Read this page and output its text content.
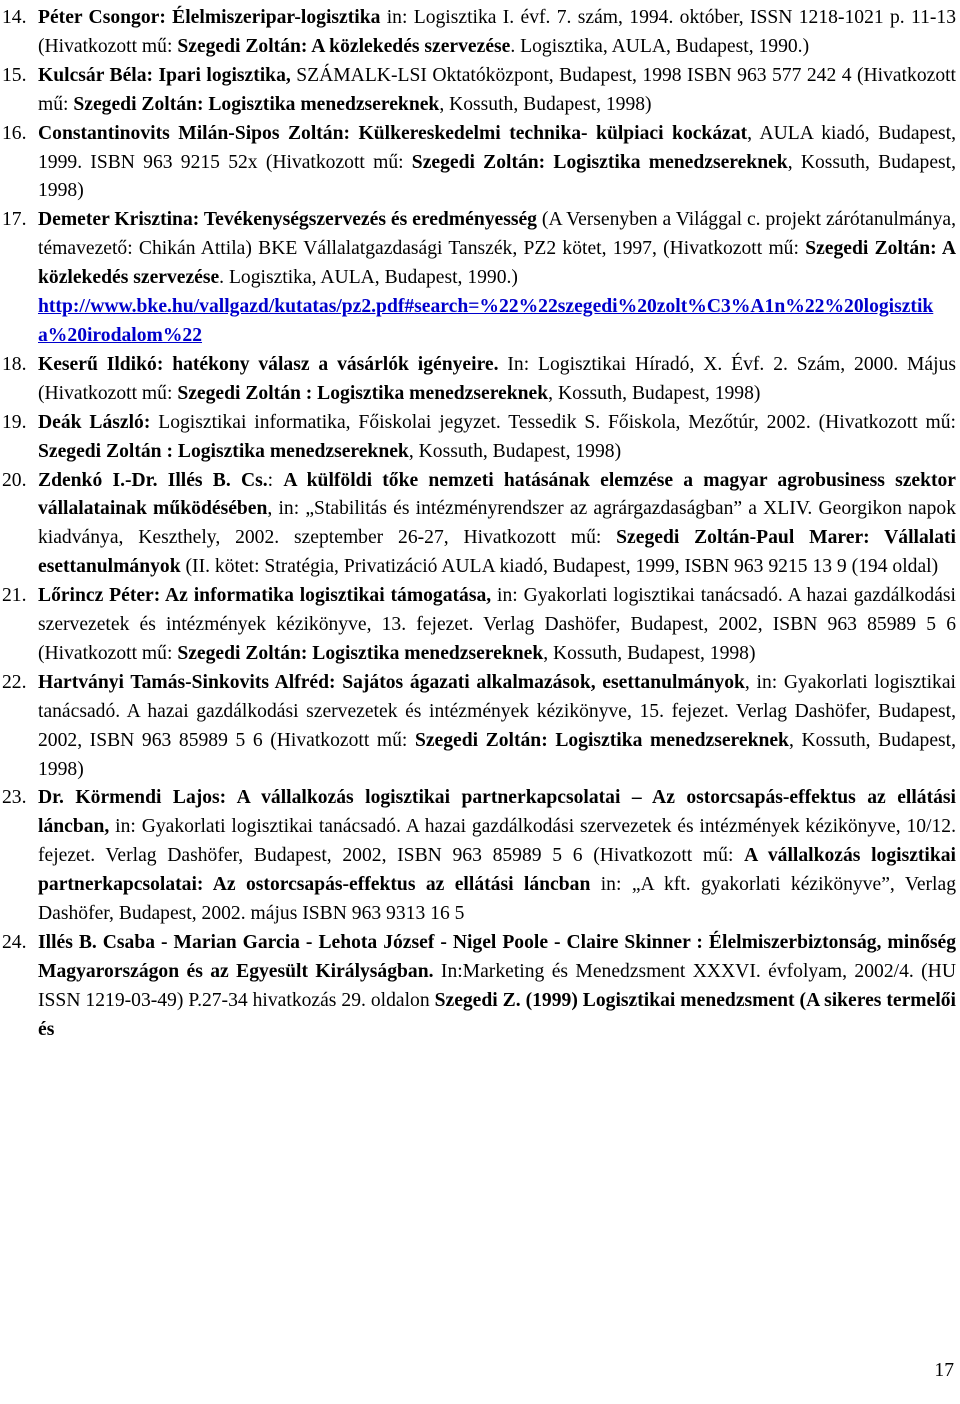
14. Péter Csongor: Élelmiszeripar-logisztika in: Logisztika I. évf. 7. szám, 1994. október, ISSN 1218-1021 p. 11-13 (Hivatkozott mű: Szegedi Zoltán: A közlekedés szervezése. Logisztika, AULA, Budapest, 1990.)
15. Kulcsár Béla: Ipari logisztika, SZÁMALK-LSI Oktatóközpont, Budapest, 1998 ISBN 963 577 242 4 (Hivatkozott mű: Szegedi Zoltán: Logisztika menedzsereknek, Kossuth, Budapest, 1998)
16. Constantinovits Milán-Sipos Zoltán: Külkereskedelmi technika- külpiaci kockázat, AULA kiadó, Budapest, 1999. ISBN 963 9215 52x (Hivatkozott mű: Szegedi Zoltán: Logisztika menedzsereknek, Kossuth, Budapest, 1998)
17. Demeter Krisztina: Tevékenységszervezés és eredményesség (A Versenyben a Világgal c. projekt zárótanulmánya, témavezető: Chikán Attila) BKE Vállalatgazdasági Tanszék, PZ2 kötet, 1997, (Hivatkozott mű: Szegedi Zoltán: A közlekedés szervezése. Logisztika, AULA, Budapest, 1990.)
http://www.bke.hu/vallgazd/kutatas/pz2.pdf#search=%22%22szegedi%20zolt%C3%A1n%22%20logisztika%20irodalom%22
18. Keserű Ildikó: hatékony válasz a vásárlók igényeire. In: Logisztikai Híradó, X. Évf. 2. Szám, 2000. Május (Hivatkozott mű: Szegedi Zoltán : Logisztika menedzsereknek, Kossuth, Budapest, 1998)
19. Deák László: Logisztikai informatika, Főiskolai jegyzet. Tessedik S. Főiskola, Mezőtúr, 2002. (Hivatkozott mű: Szegedi Zoltán : Logisztika menedzsereknek, Kossuth, Budapest, 1998)
20. Zdenkó I.-Dr. Illés B. Cs.: A külföldi tőke nemzeti hatásának elemzése a magyar agrobusiness szektor vállalatainak működésében, in: „Stabilitás és intézményrendszer az agrárgazdaságban” a XLIV. Georgikon napok kiadványa, Keszthely, 2002. szeptember 26-27, Hivatkozott mű: Szegedi Zoltán-Paul Marer: Vállalati esettanulmányok (II. kötet: Stratégia, Privatizáció AULA kiadó, Budapest, 1999, ISBN 963 9215 13 9 (194 oldal)
21. Lőrincz Péter: Az informatika logisztikai támogatása, in: Gyakorlati logisztikai tanácsadó. A hazai gazdálkodási szervezetek és intézmények kézikönyve, 13. fejezet. Verlag Dashöfer, Budapest, 2002, ISBN 963 85989 5 6 (Hivatkozott mű: Szegedi Zoltán: Logisztika menedzsereknek, Kossuth, Budapest, 1998)
22. Hartványi Tamás-Sinkovits Alfréd: Sajátos ágazati alkalmazások, esettanulmányok, in: Gyakorlati logisztikai tanácsadó. A hazai gazdálkodási szervezetek és intézmények kézikönyve, 15. fejezet. Verlag Dashöfer, Budapest, 2002, ISBN 963 85989 5 6 (Hivatkozott mű: Szegedi Zoltán: Logisztika menedzsereknek, Kossuth, Budapest, 1998)
23. Dr. Körmendi Lajos: A vállalkozás logisztikai partnerkapcsolatai – Az ostorcsapás-effektus az ellátási láncban, in: Gyakorlati logisztikai tanácsadó. A hazai gazdálkodási szervezetek és intézmények kézikönyve, 10/12. fejezet. Verlag Dashöfer, Budapest, 2002, ISBN 963 85989 5 6 (Hivatkozott mű: A vállalkozás logisztikai partnerkapcsolatai: Az ostorcsapás-effektus az ellátási láncban in: „A kft. gyakorlati kézikönyve”, Verlag Dashöfer, Budapest, 2002. május ISBN 963 9313 16 5
24. Illés B. Csaba - Marian Garcia - Lehota József - Nigel Poole - Claire Skinner : Élelmiszerbiztonság, minőség Magyarországon és az Egyesült Királyságban. In:Marketing és Menedzsment XXXVI. évfolyam, 2002/4. (HU ISSN 1219-03-49) P.27-34 hivatkozás 29. oldalon Szegedi Z. (1999) Logisztikai menedzsment (A sikeres termelői és
17
